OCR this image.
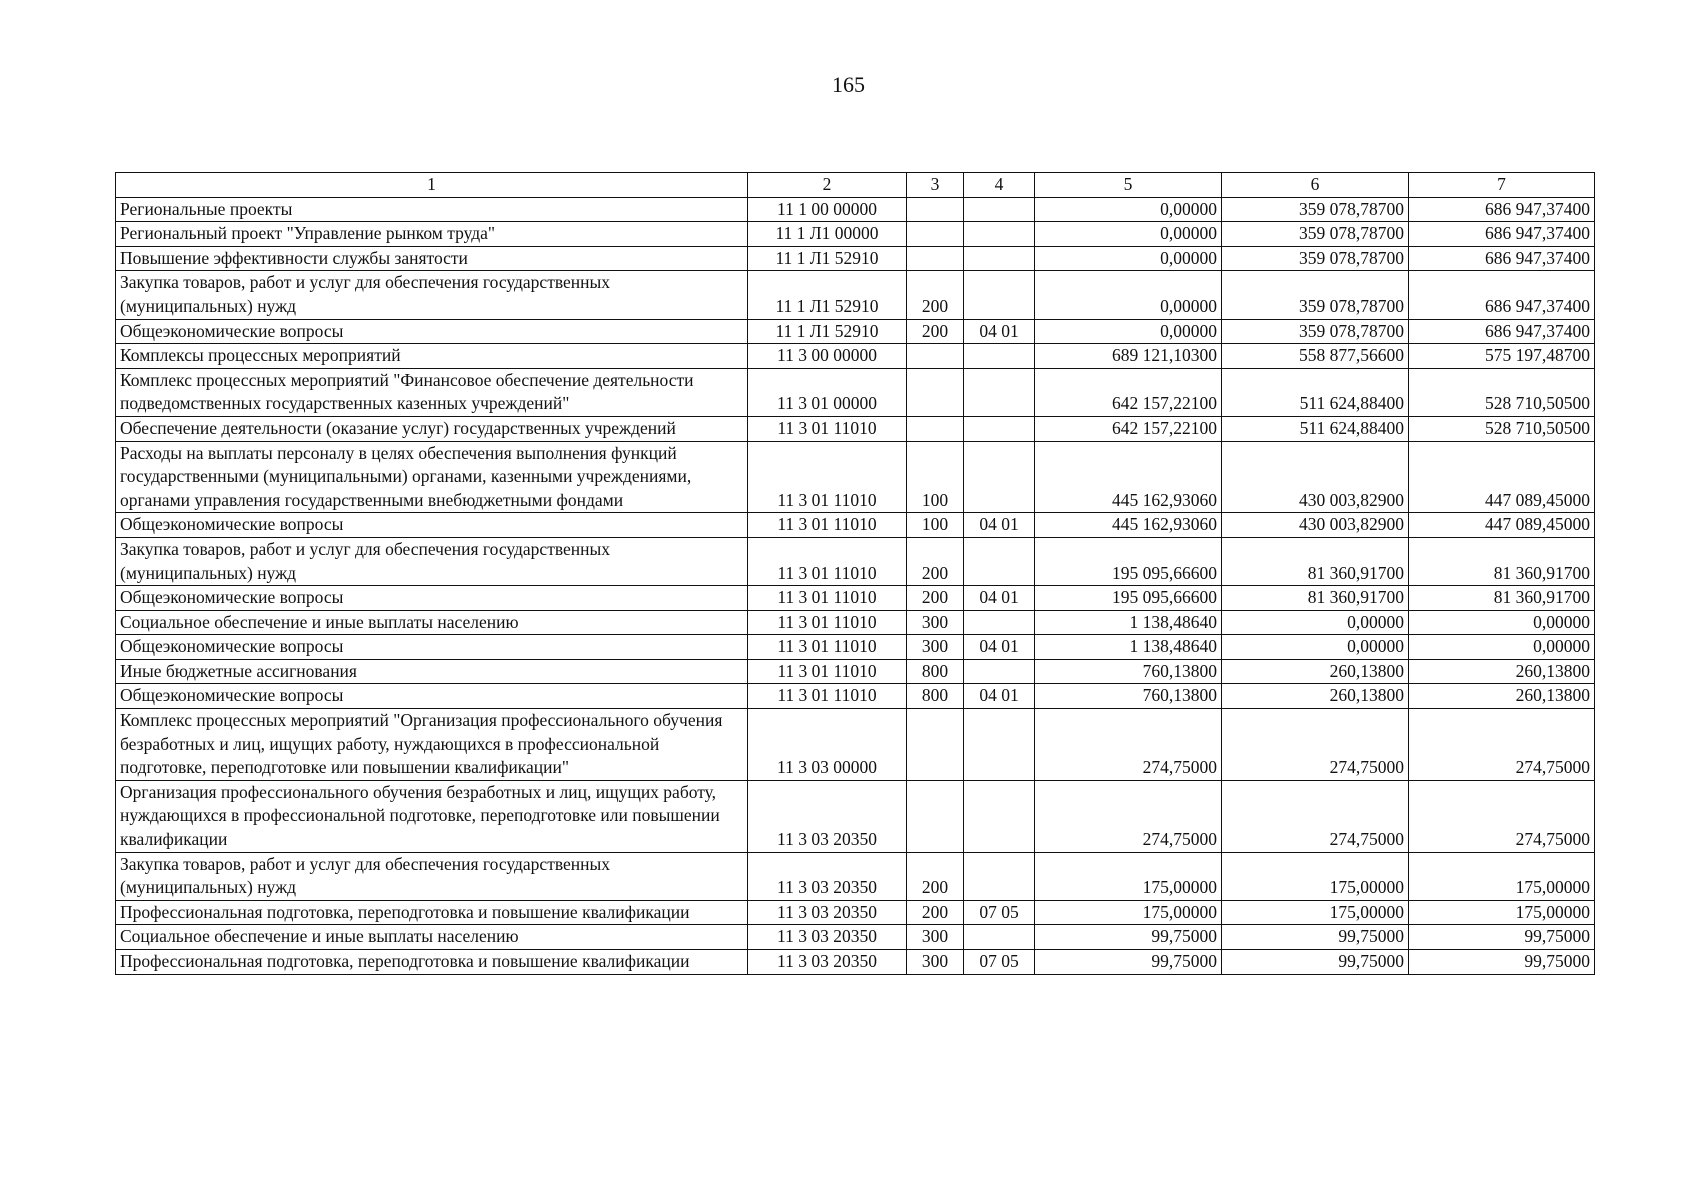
165
1	2	3	4	5	6	7
Региональные проекты	11 1 00 00000			0,00000	359 078,78700	686 947,37400
Региональный проект "Управление рынком труда"	11 1 Л1 00000			0,00000	359 078,78700	686 947,37400
Повышение эффективности службы занятости	11 1 Л1 52910			0,00000	359 078,78700	686 947,37400
Закупка товаров, работ и услуг для обеспечения государственных (муниципальных) нужд	11 1 Л1 52910	200		0,00000	359 078,78700	686 947,37400
Общеэкономические вопросы	11 1 Л1 52910	200	04 01	0,00000	359 078,78700	686 947,37400
Комплексы процессных мероприятий	11 3 00 00000			689 121,10300	558 877,56600	575 197,48700
Комплекс процессных мероприятий "Финансовое обеспечение деятельности подведомственных государственных казенных учреждений"	11 3 01 00000			642 157,22100	511 624,88400	528 710,50500
Обеспечение деятельности (оказание услуг) государственных учреждений	11 3 01 11010			642 157,22100	511 624,88400	528 710,50500
Расходы на выплаты персоналу в целях обеспечения выполнения функций государственными (муниципальными) органами, казенными учреждениями, органами управления государственными внебюджетными фондами	11 3 01 11010	100		445 162,93060	430 003,82900	447 089,45000
Общеэкономические вопросы	11 3 01 11010	100	04 01	445 162,93060	430 003,82900	447 089,45000
Закупка товаров, работ и услуг для обеспечения государственных (муниципальных) нужд	11 3 01 11010	200		195 095,66600	81 360,91700	81 360,91700
Общеэкономические вопросы	11 3 01 11010	200	04 01	195 095,66600	81 360,91700	81 360,91700
Социальное обеспечение и иные выплаты населению	11 3 01 11010	300		1 138,48640	0,00000	0,00000
Общеэкономические вопросы	11 3 01 11010	300	04 01	1 138,48640	0,00000	0,00000
Иные бюджетные ассигнования	11 3 01 11010	800		760,13800	260,13800	260,13800
Общеэкономические вопросы	11 3 01 11010	800	04 01	760,13800	260,13800	260,13800
Комплекс процессных мероприятий "Организация профессионального обучения безработных и лиц, ищущих работу, нуждающихся в профессиональной подготовке, переподготовке или повышении квалификации"	11 3 03 00000			274,75000	274,75000	274,75000
Организация профессионального обучения безработных и лиц, ищущих работу, нуждающихся в профессиональной подготовке, переподготовке или повышении квалификации	11 3 03 20350			274,75000	274,75000	274,75000
Закупка товаров, работ и услуг для обеспечения государственных (муниципальных) нужд	11 3 03 20350	200		175,00000	175,00000	175,00000
Профессиональная подготовка, переподготовка и повышение квалификации	11 3 03 20350	200	07 05	175,00000	175,00000	175,00000
Социальное обеспечение и иные выплаты населению	11 3 03 20350	300		99,75000	99,75000	99,75000
Профессиональная подготовка, переподготовка и повышение квалификации	11 3 03 20350	300	07 05	99,75000	99,75000	99,75000
